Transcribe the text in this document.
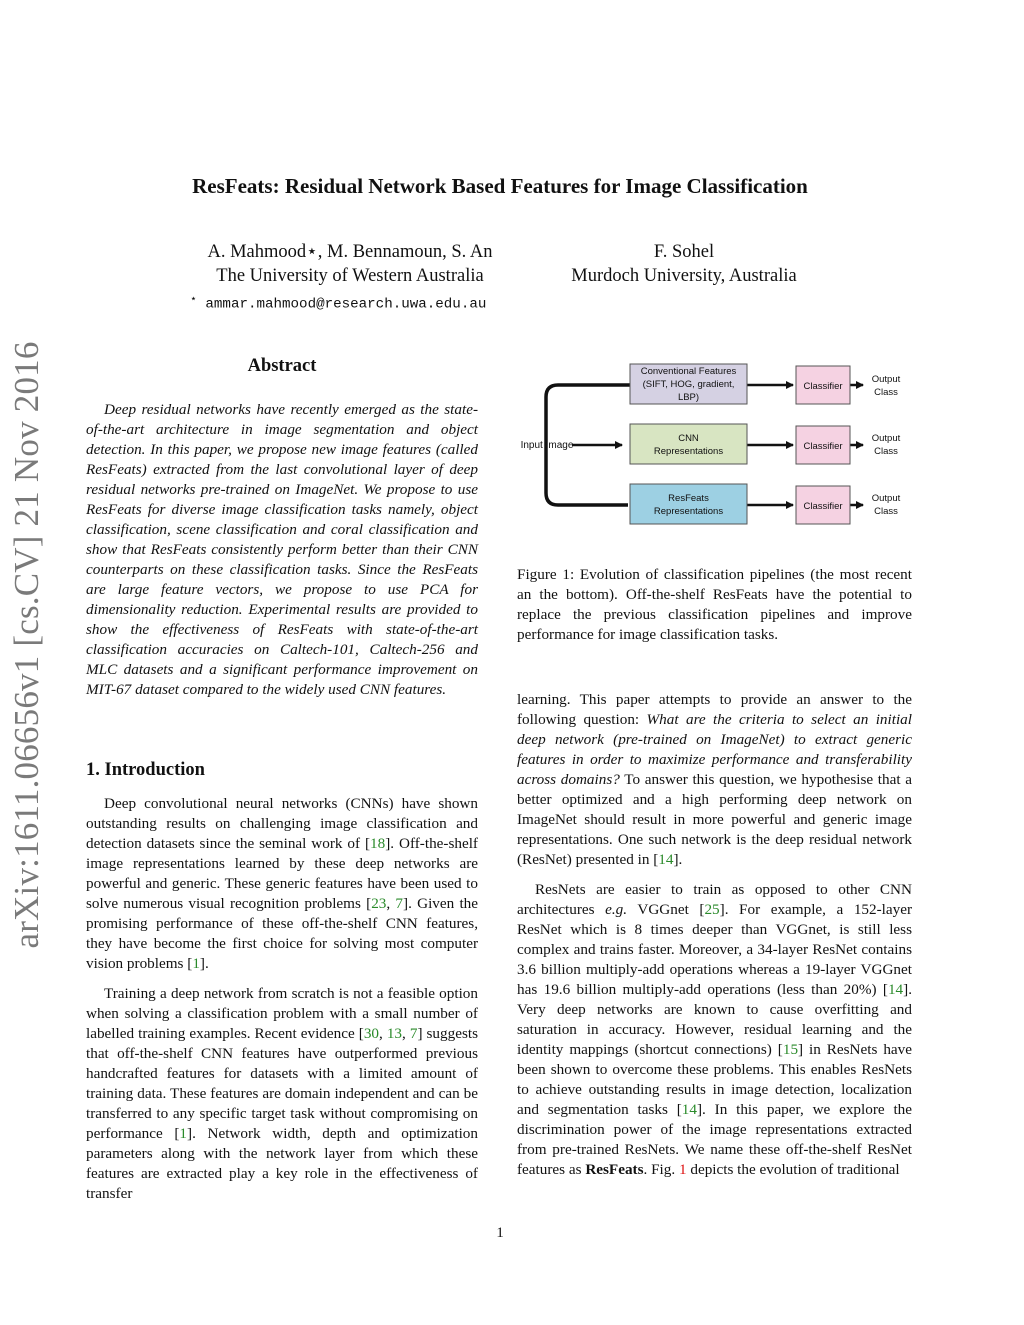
arXiv:1611.06656v1 [cs.CV] 21 Nov 2016
ResFeats: Residual Network Based Features for Image Classification
A. Mahmood⋆, M. Bennamoun, S. An
The University of Western Australia
F. Sohel
Murdoch University, Australia
⋆ ammar.mahmood@research.uwa.edu.au
Abstract
Deep residual networks have recently emerged as the state-of-the-art architecture in image segmentation and object detection. In this paper, we propose new image features (called ResFeats) extracted from the last convolutional layer of deep residual networks pre-trained on ImageNet. We propose to use ResFeats for diverse image classification tasks namely, object classification, scene classification and coral classification and show that ResFeats consistently perform better than their CNN counterparts on these classification tasks. Since the ResFeats are large feature vectors, we propose to use PCA for dimensionality reduction. Experimental results are provided to show the effectiveness of ResFeats with state-of-the-art classification accuracies on Caltech-101, Caltech-256 and MLC datasets and a significant performance improvement on MIT-67 dataset compared to the widely used CNN features.
1. Introduction

Deep convolutional neural networks (CNNs) have shown outstanding results on challenging image classification and detection datasets since the seminal work of [18]. Off-the-shelf image representations learned by these deep networks are powerful and generic. These generic features have been used to solve numerous visual recognition problems [23, 7]. Given the promising performance of these off-the-shelf CNN features, they have become the first choice for solving most computer vision problems [1].

Training a deep network from scratch is not a feasible option when solving a classification problem with a small number of labelled training examples. Recent evidence [30, 13, 7] suggests that off-the-shelf CNN features have outperformed previous handcrafted features for datasets with a limited amount of training data. These features are domain independent and can be transferred to any specific target task without compromising on performance [1]. Network width, depth and optimization parameters along with the network layer from which these features are extracted play a key role in the effectiveness of transfer

Input Image
Conventional Features
(SIFT, HOG, gradient,
LBP)
CNN
Representations
ResFeats
Representations
Classifier
Classifier
Classifier
Output
Class
Output
Class
Output
Class
Figure 1: Evolution of classification pipelines (the most recent an the bottom). Off-the-shelf ResFeats have the potential to replace the previous classification pipelines and improve performance for image classification tasks.

learning. This paper attempts to provide an answer to the following question: What are the criteria to select an initial deep network (pre-trained on ImageNet) to extract generic features in order to maximize performance and transferability across domains? To answer this question, we hypothesise that a better optimized and a high performing deep network on ImageNet should result in more powerful and generic image representations. One such network is the deep residual network (ResNet) presented in [14].

ResNets are easier to train as opposed to other CNN architectures e.g. VGGnet [25]. For example, a 152-layer ResNet which is 8 times deeper than VGGnet, is still less complex and trains faster. Moreover, a 34-layer ResNet contains 3.6 billion multiply-add operations whereas a 19-layer VGGnet has 19.6 billion multiply-add operations (less than 20%) [14]. Very deep networks are known to cause overfitting and saturation in accuracy. However, residual learning and the identity mappings (shortcut connections) [15] in ResNets have been shown to overcome these problems. This enables ResNets to achieve outstanding results in image detection, localization and segmentation tasks [14]. In this paper, we explore the discrimination power of the image representations extracted from pre-trained ResNets. We name these off-the-shelf ResNet features as ResFeats. Fig. 1 depicts the evolution of traditional

1
